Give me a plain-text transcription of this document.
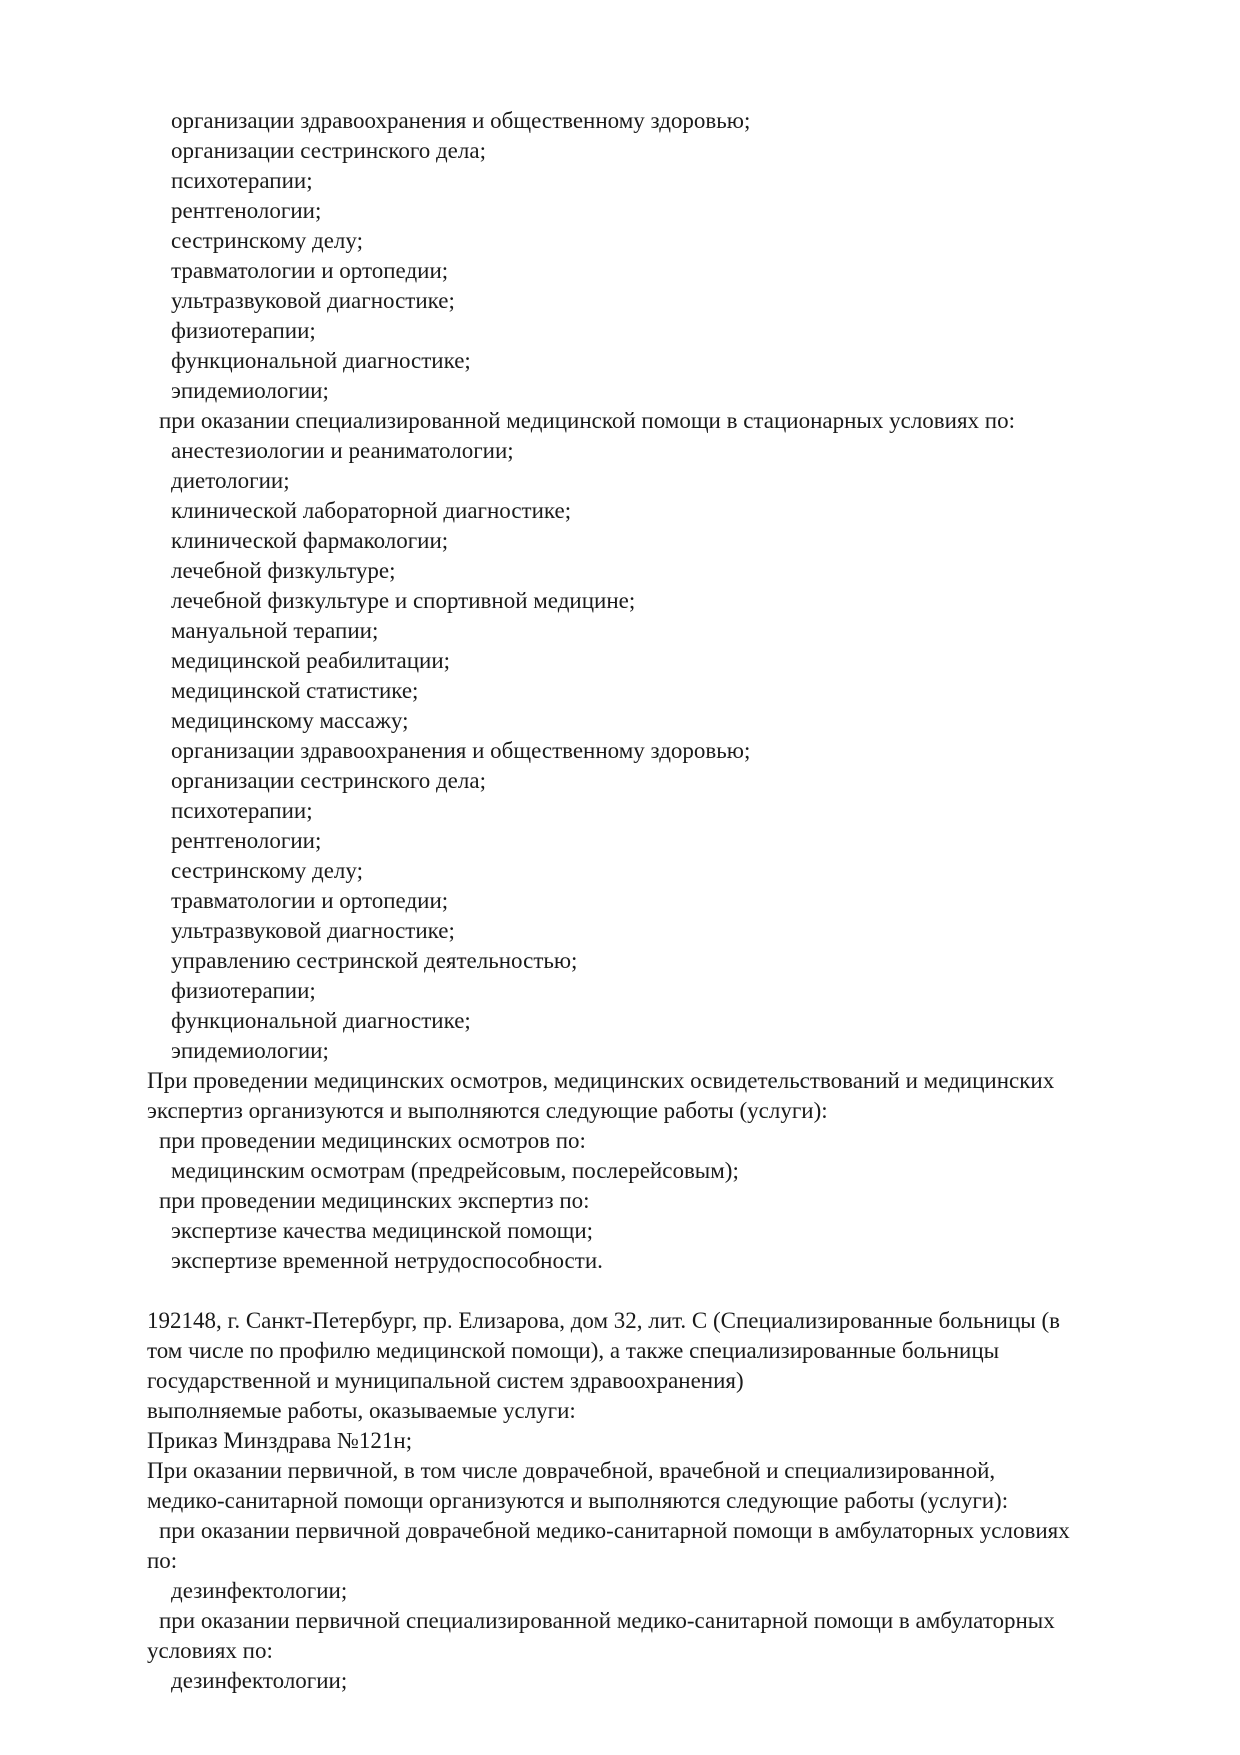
организации здравоохранения и общественному здоровью;
организации сестринского дела;
психотерапии;
рентгенологии;
сестринскому делу;
травматологии и ортопедии;
ультразвуковой диагностике;
физиотерапии;
функциональной диагностике;
эпидемиологии;
при оказании специализированной медицинской помощи в стационарных условиях по:
анестезиологии и реаниматологии;
диетологии;
клинической лабораторной диагностике;
клинической фармакологии;
лечебной физкультуре;
лечебной физкультуре и спортивной медицине;
мануальной терапии;
медицинской реабилитации;
медицинской статистике;
медицинскому массажу;
организации здравоохранения и общественному здоровью;
организации сестринского дела;
психотерапии;
рентгенологии;
сестринскому делу;
травматологии и ортопедии;
ультразвуковой диагностике;
управлению сестринской деятельностью;
физиотерапии;
функциональной диагностике;
эпидемиологии;
При проведении медицинских осмотров, медицинских освидетельствований и медицинских
экспертиз организуются и выполняются следующие работы (услуги):
при проведении медицинских осмотров по:
медицинским осмотрам (предрейсовым, послерейсовым);
при проведении медицинских экспертиз по:
экспертизе качества медицинской помощи;
экспертизе временной нетрудоспособности.
192148, г. Санкт-Петербург, пр. Елизарова, дом 32, лит. С (Специализированные больницы (в
том числе по профилю медицинской помощи), а также специализированные больницы
государственной и муниципальной систем здравоохранения)
выполняемые работы, оказываемые услуги:
Приказ Минздрава №121н;
При оказании первичной, в том числе доврачебной, врачебной и специализированной,
медико-санитарной помощи организуются и выполняются следующие работы (услуги):
при оказании первичной доврачебной медико-санитарной помощи в амбулаторных условиях
по:
дезинфектологии;
при оказании первичной специализированной медико-санитарной помощи в амбулаторных
условиях по:
дезинфектологии;
